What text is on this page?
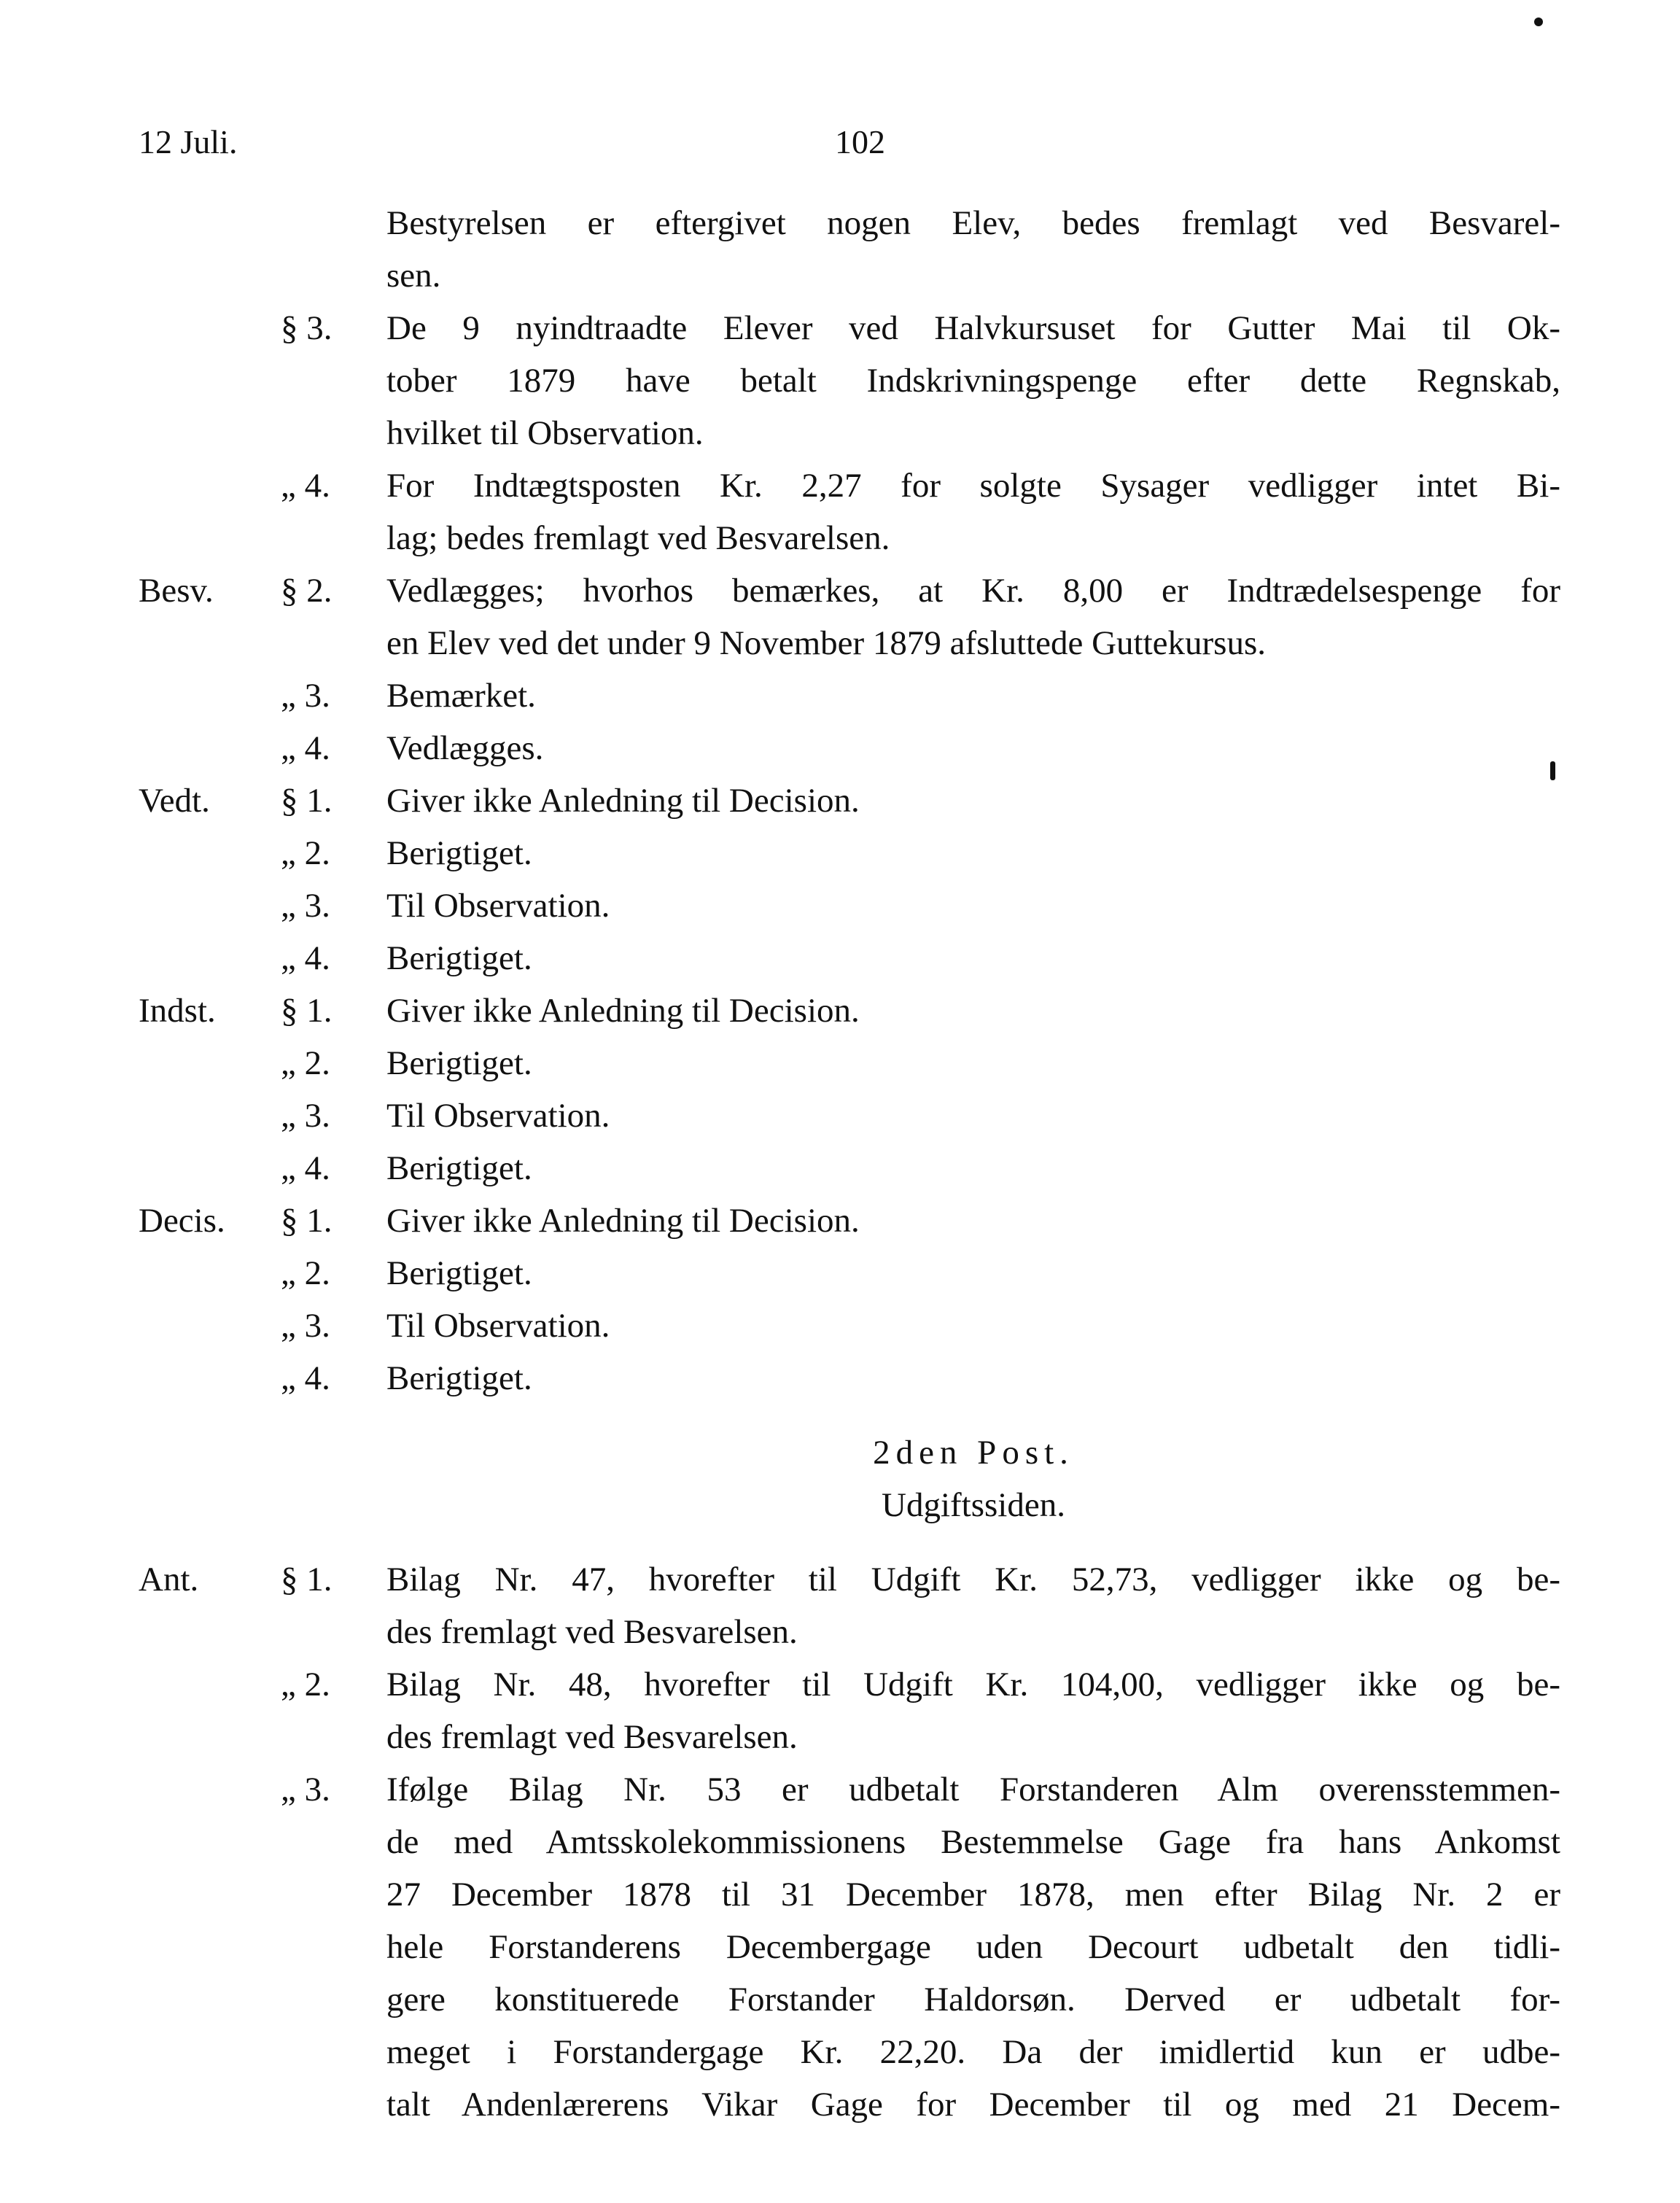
12 Juli.	102
Bestyrelsen er eftergivet nogen Elev, bedes fremlagt ved Besvarel-
sen.
§ 3.	De 9 nyindtraadte Elever ved Halvkursuset for Gutter Mai til Ok-
tober 1879 have betalt Indskrivningspenge efter dette Regnskab,
hvilket til Observation.
„ 4.	For Indtægtsposten Kr. 2,27 for solgte Sysager vedligger intet Bi-
lag; bedes fremlagt ved Besvarelsen.
Besv. § 2.	Vedlægges; hvorhos bemærkes, at Kr. 8,00 er Indtrædelsespenge for
en Elev ved det under 9 November 1879 afsluttede Guttekursus.
„ 3.	Bemærket.
„ 4.	Vedlægges.
Vedt. § 1.	Giver ikke Anledning til Decision.
„ 2.	Berigtiget.
„ 3.	Til Observation.
„ 4.	Berigtiget.
Indst. § 1.	Giver ikke Anledning til Decision.
„ 2.	Berigtiget.
„ 3.	Til Observation.
„ 4.	Berigtiget.
Decis. § 1.	Giver ikke Anledning til Decision.
„ 2.	Berigtiget.
„ 3.	Til Observation.
„ 4.	Berigtiget.
2den Post.
Udgiftssiden.
Ant. § 1.	Bilag Nr. 47, hvorefter til Udgift Kr. 52,73, vedligger ikke og be-
des fremlagt ved Besvarelsen.
„ 2.	Bilag Nr. 48, hvorefter til Udgift Kr. 104,00, vedligger ikke og be-
des fremlagt ved Besvarelsen.
„ 3.	Ifølge Bilag Nr. 53 er udbetalt Forstanderen Alm overensstemmen-
de med Amtsskolekommissionens Bestemmelse Gage fra hans Ankomst
27 December 1878 til 31 December 1878, men efter Bilag Nr. 2 er
hele Forstanderens Decembergage uden Decourt udbetalt den tidli-
gere konstituerede Forstander Haldorsøn. Derved er udbetalt for-
meget i Forstandergage Kr. 22,20. Da der imidlertid kun er udbe-
talt Andenlærerens Vikar Gage for December til og med 21 Decem-
